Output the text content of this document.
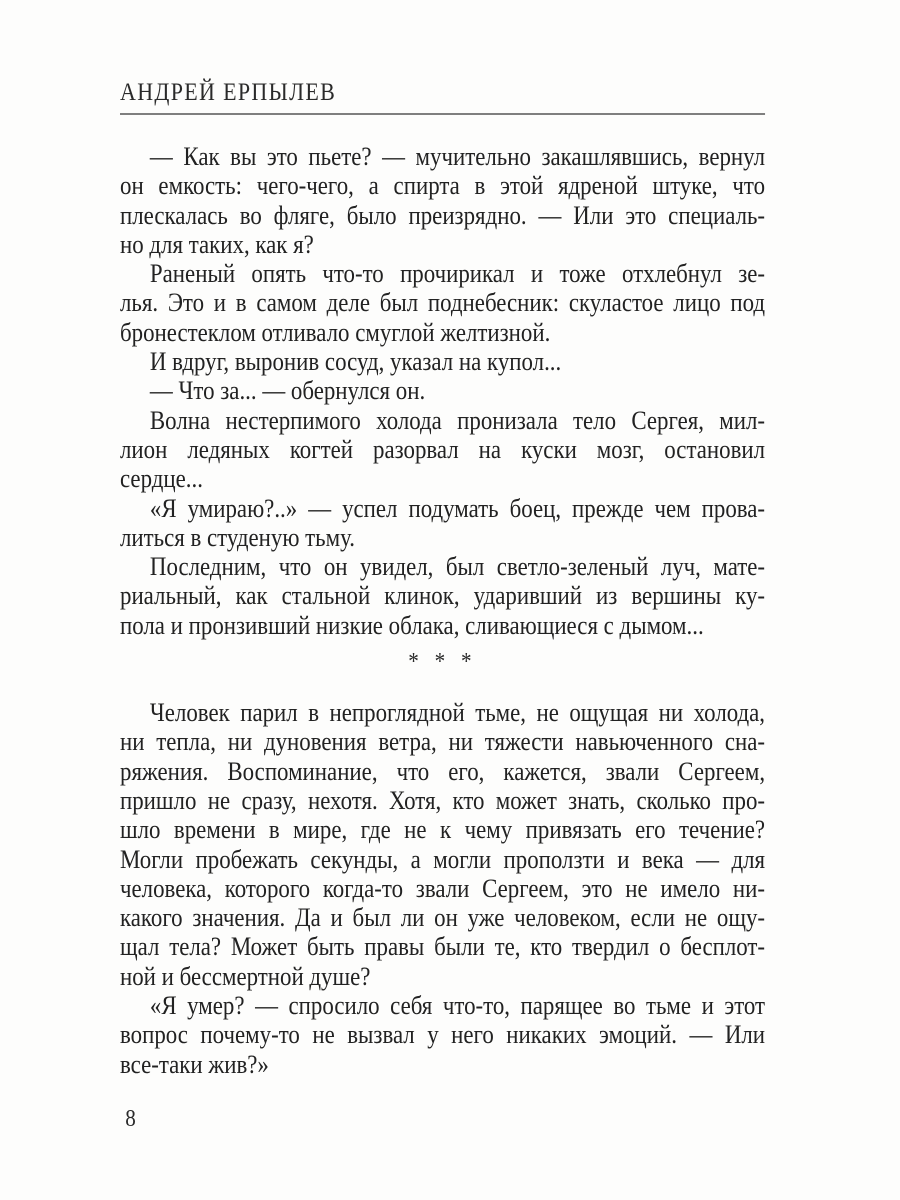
АНДРЕЙ ЕРПЫЛЕВ

— Как вы это пьете? — мучительно закашлявшись, вернул
он емкость: чего-чего, а спирта в этой ядреной штуке, что
плескалась во фляге, было преизрядно. — Или это специаль-
но для таких, как я?

Раненый опять что-то прочирикал и тоже отхлебнул зе-
лья. Это и в самом деле был поднебесник: скуластое лицо под
бронестеклом отливало смуглой желтизной.

И вдруг, выронив сосуд, указал на купол...

— Что за... — обернулся он.

Волна нестерпимого холода пронизала тело Сергея, мил-
лион ледяных когтей разорвал на куски мозг, остановил
сердце...

«Я умираю?..» — успел подумать боец, прежде чем прова-
литься в студеную тьму.

Последним, что он увидел, был светло-зеленый луч, мате-
риальный, как стальной клинок, ударивший из вершины ку-
пола и пронзивший низкие облака, сливающиеся с дымом...

* * *

Человек парил в непроглядной тьме, не ощущая ни холода,
ни тепла, ни дуновения ветра, ни тяжести навьюченного сна-
ряжения. Воспоминание, что его, кажется, звали Сергеем,
пришло не сразу, нехотя. Хотя, кто может знать, сколько про-
шло времени в мире, где не к чему привязать его течение?
Могли пробежать секунды, а могли проползти и века — для
человека, которого когда-то звали Сергеем, это не имело ни-
какого значения. Да и был ли он уже человеком, если не ощу-
щал тела? Может быть правы были те, кто твердил о бесплот-
ной и бессмертной душе?

«Я умер? — спросило себя что-то, парящее во тьме и этот
вопрос почему-то не вызвал у него никаких эмоций. — Или
все-таки жив?»

8
